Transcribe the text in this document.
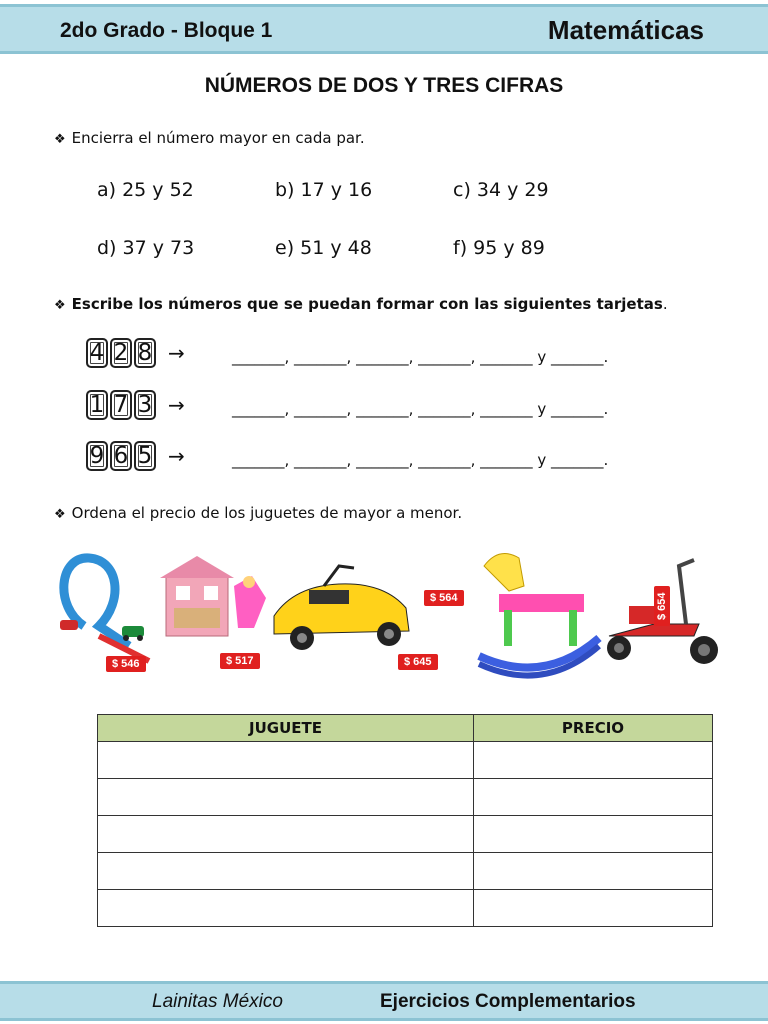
2do Grado - Bloque 1	Matemáticas
NÚMEROS DE DOS Y TRES CIFRAS
❖ Encierra el número mayor en cada par.
a) 25 y 52	b) 17 y 16	c) 34 y 29
d) 37 y 73	e) 51 y 48	f) 95 y 89
❖ Escribe los números que se puedan formar con las siguientes tarjetas.
4 2 8 →	_______, _______, _______, _______, _______ y _______.
1 7 3 →	_______, _______, _______, _______, _______ y _______.
9 6 5 →	_______, _______, _______, _______, _______ y _______.
❖ Ordena el precio de los juguetes de mayor a menor.
$ 546	$ 517	$ 645
$ 564	$ 654
JUGUETE	PRECIO

Lainitas México	Ejercicios Complementarios
